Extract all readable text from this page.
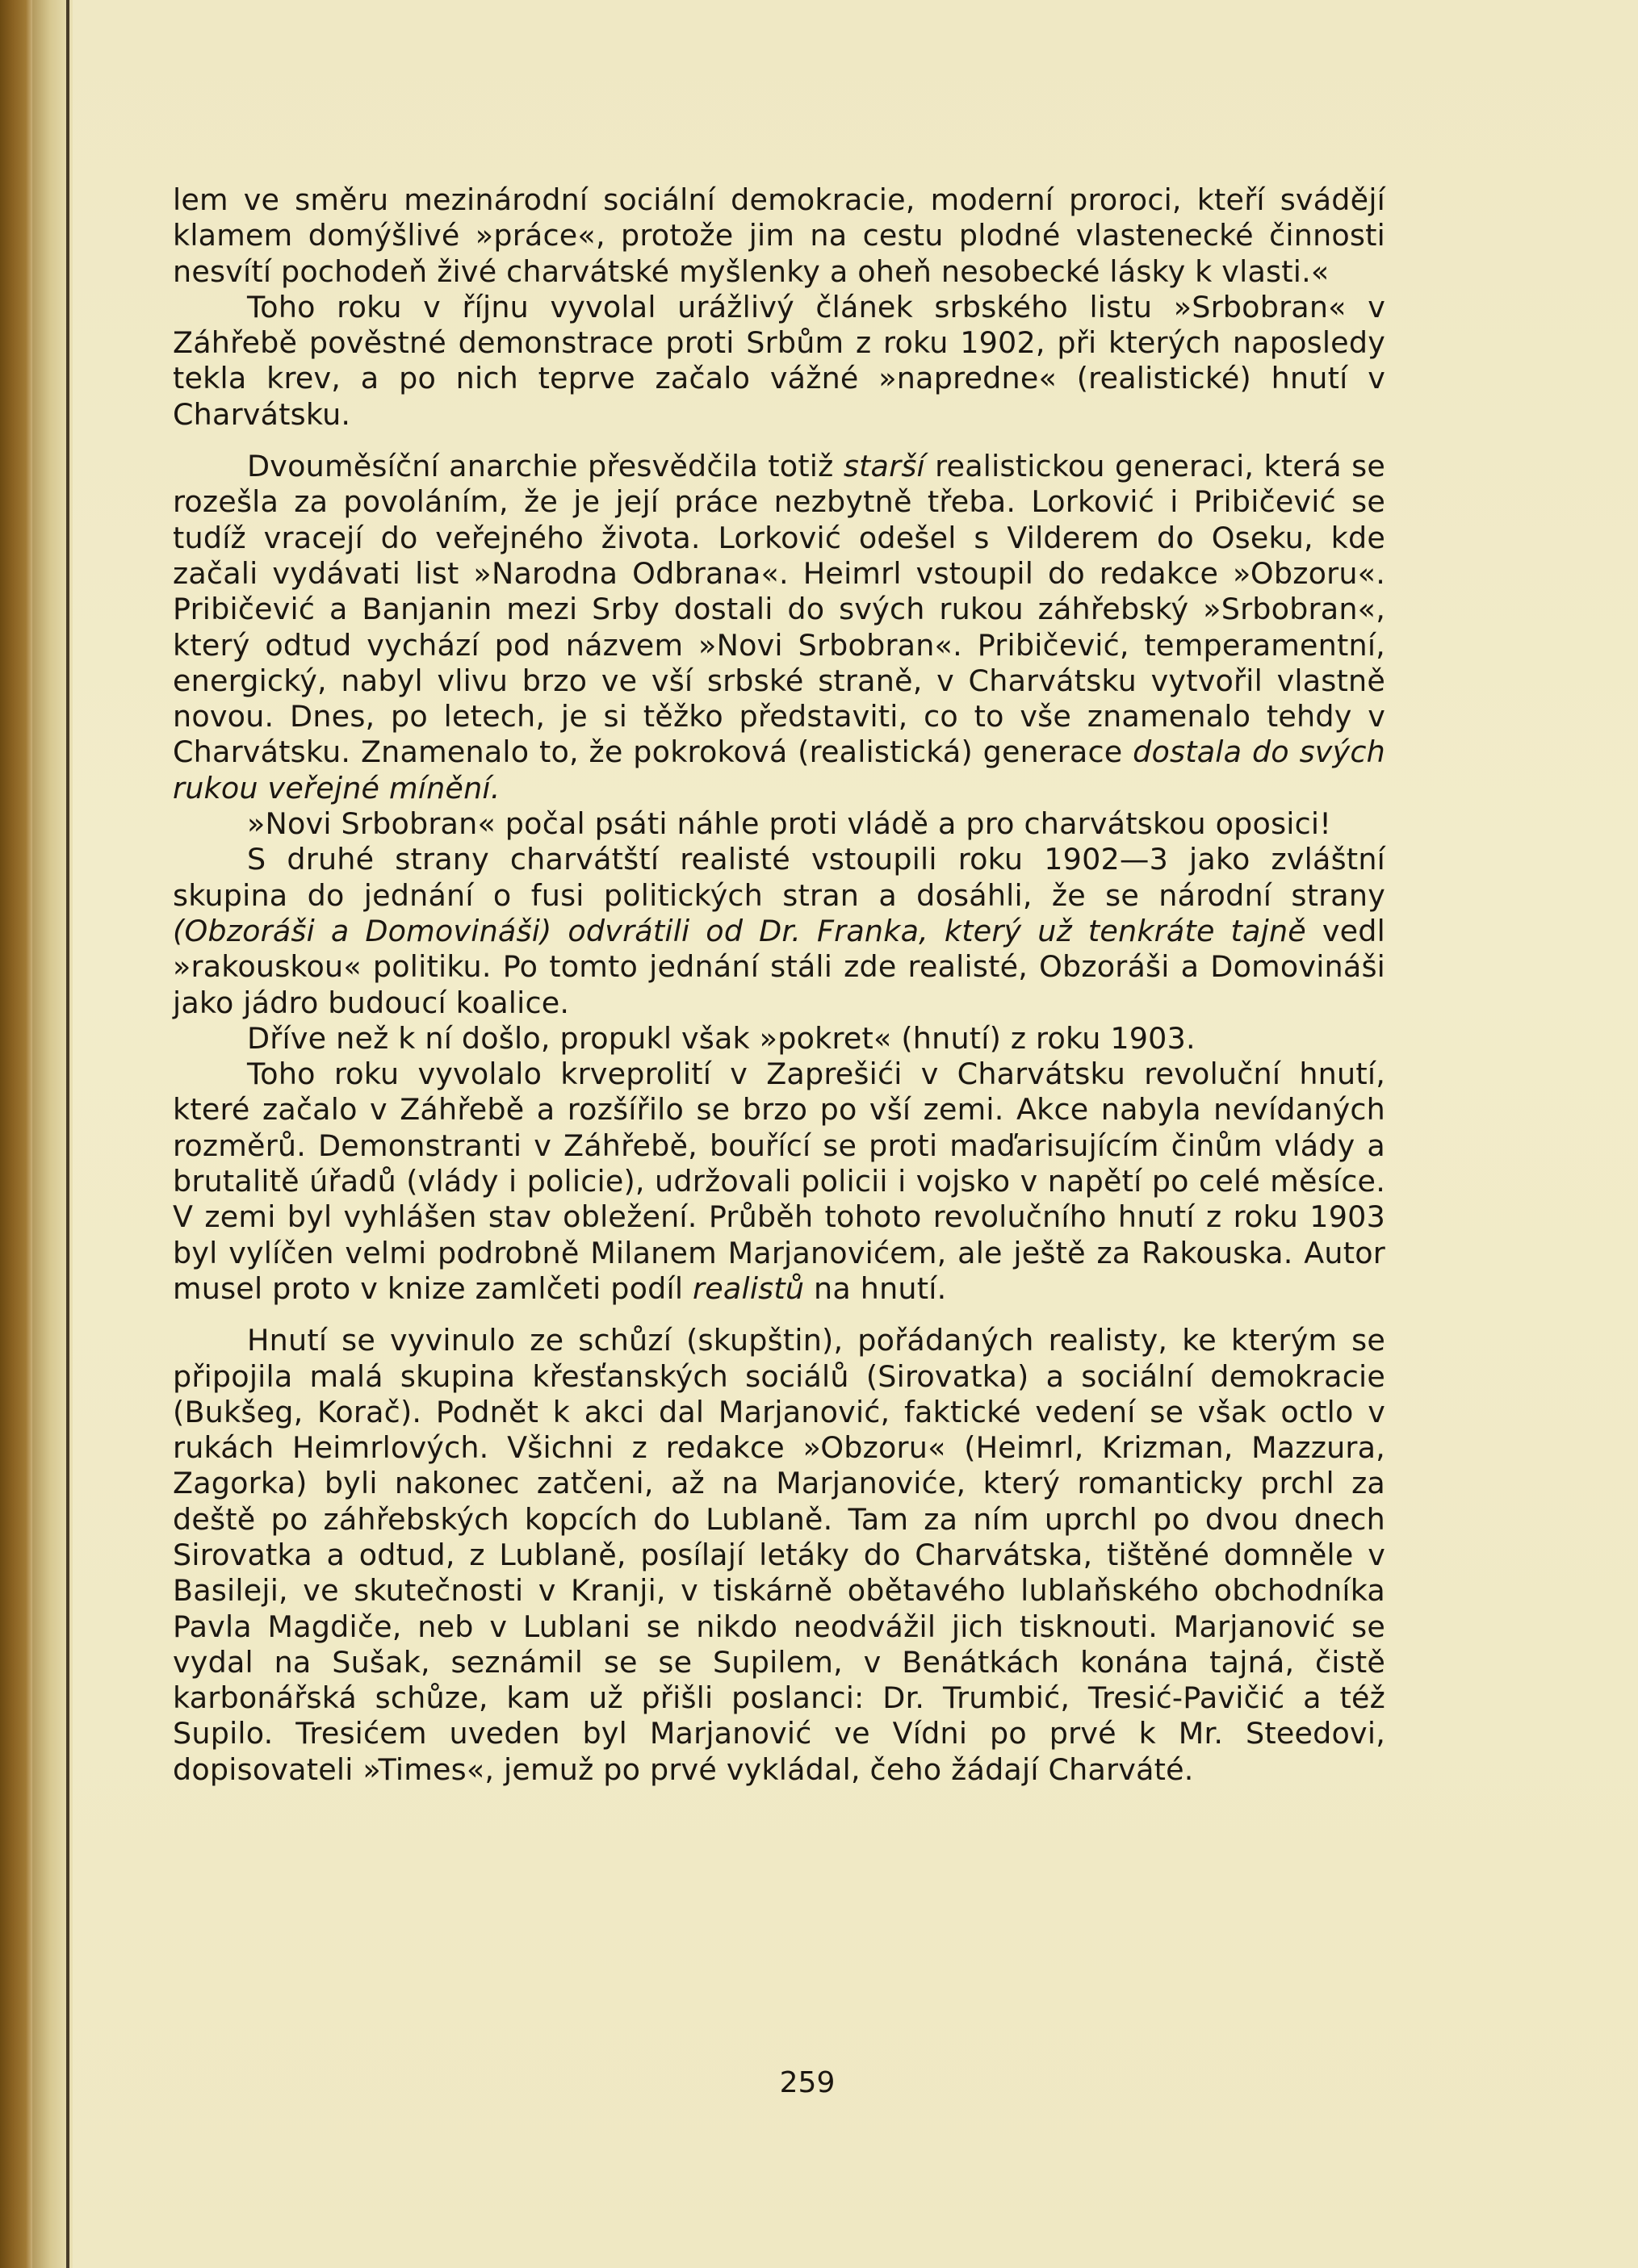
lem ve směru mezinárodní sociální demokracie, moderní proroci, kteří svádějí klamem domýšlivé »práce«, protože jim na cestu plodné vlastenecké činnosti nesvítí pochodeň živé charvátské myšlenky a oheň nesobecké lásky k vlasti.«

Toho roku v říjnu vyvolal urážlivý článek srbského listu »Srbobran« v Záhřebě pověstné demonstrace proti Srbům z roku 1902, při kterých naposledy tekla krev, a po nich teprve začalo vážné »napredne« (realistické) hnutí v Charvátsku.

Dvouměsíční anarchie přesvědčila totiž starší realistickou generaci, která se rozešla za povoláním, že je její práce nezbytně třeba. Lorković i Pribičević se tudíž vracejí do veřejného života. Lorković odešel s Vilderem do Oseku, kde začali vydávati list »Narodna Odbrana«. Heimrl vstoupil do redakce »Obzoru«. Pribičević a Banjanin mezi Srby dostali do svých rukou záhřebský »Srbobran«, který odtud vychází pod názvem »Novi Srbobran«. Pribičević, temperamentní, energický, nabyl vlivu brzo ve vší srbské straně, v Charvátsku vytvořil vlastně novou. Dnes, po letech, je si těžko představiti, co to vše znamenalo tehdy v Charvátsku. Znamenalo to, že pokroková (realistická) generace dostala do svých rukou veřejné mínění.

»Novi Srbobran« počal psáti náhle proti vládě a pro charvátskou oposici!

S druhé strany charvátští realisté vstoupili roku 1902—3 jako zvláštní skupina do jednání o fusi politických stran a dosáhli, že se národní strany (Obzoráši a Domovináši) odvrátili od Dr. Franka, který už tenkráte tajně vedl »rakouskou« politiku. Po tomto jednání stáli zde realisté, Obzoráši a Domovináši jako jádro budoucí koalice.

Dříve než k ní došlo, propukl však »pokret« (hnutí) z roku 1903.

Toho roku vyvolalo krveprolití v Zaprešići v Charvátsku revoluční hnutí, které začalo v Záhřebě a rozšířilo se brzo po vší zemi. Akce nabyla nevídaných rozměrů. Demonstranti v Záhřebě, bouřící se proti maďarisujícím činům vlády a brutalitě úřadů (vlády i policie), udržovali policii i vojsko v napětí po celé měsíce. V zemi byl vyhlášen stav obležení. Průběh tohoto revolučního hnutí z roku 1903 byl vylíčen velmi podrobně Milanem Marjanovićem, ale ještě za Rakouska. Autor musel proto v knize zamlčeti podíl realistů na hnutí.

Hnutí se vyvinulo ze schůzí (skupštin), pořádaných realisty, ke kterým se připojila malá skupina křesťanských sociálů (Sirovatka) a sociální demokracie (Bukšeg, Korač). Podnět k akci dal Marjanović, faktické vedení se však octlo v rukách Heimrlových. Všichni z redakce »Obzoru« (Heimrl, Krizman, Mazzura, Zagorka) byli nakonec zatčeni, až na Marjanoviće, který romanticky prchl za deště po záhřebských kopcích do Lublaně. Tam za ním uprchl po dvou dnech Sirovatka a odtud, z Lublaně, posílají letáky do Charvátska, tištěné domněle v Basileji, ve skutečnosti v Kranji, v tiskárně obětavého lublaňského obchodníka Pavla Magdiče, neb v Lublani se nikdo neodvážil jich tisknouti. Marjanović se vydal na Sušak, seznámil se se Supilem, v Benátkách konána tajná, čistě karbonářská schůze, kam už přišli poslanci: Dr. Trumbić, Tresić-Pavičić a též Supilo. Tresićem uveden byl Marjanović ve Vídni po prvé k Mr. Steedovi, dopisovateli »Times«, jemuž po prvé vykládal, čeho žádají Charváté.

259
